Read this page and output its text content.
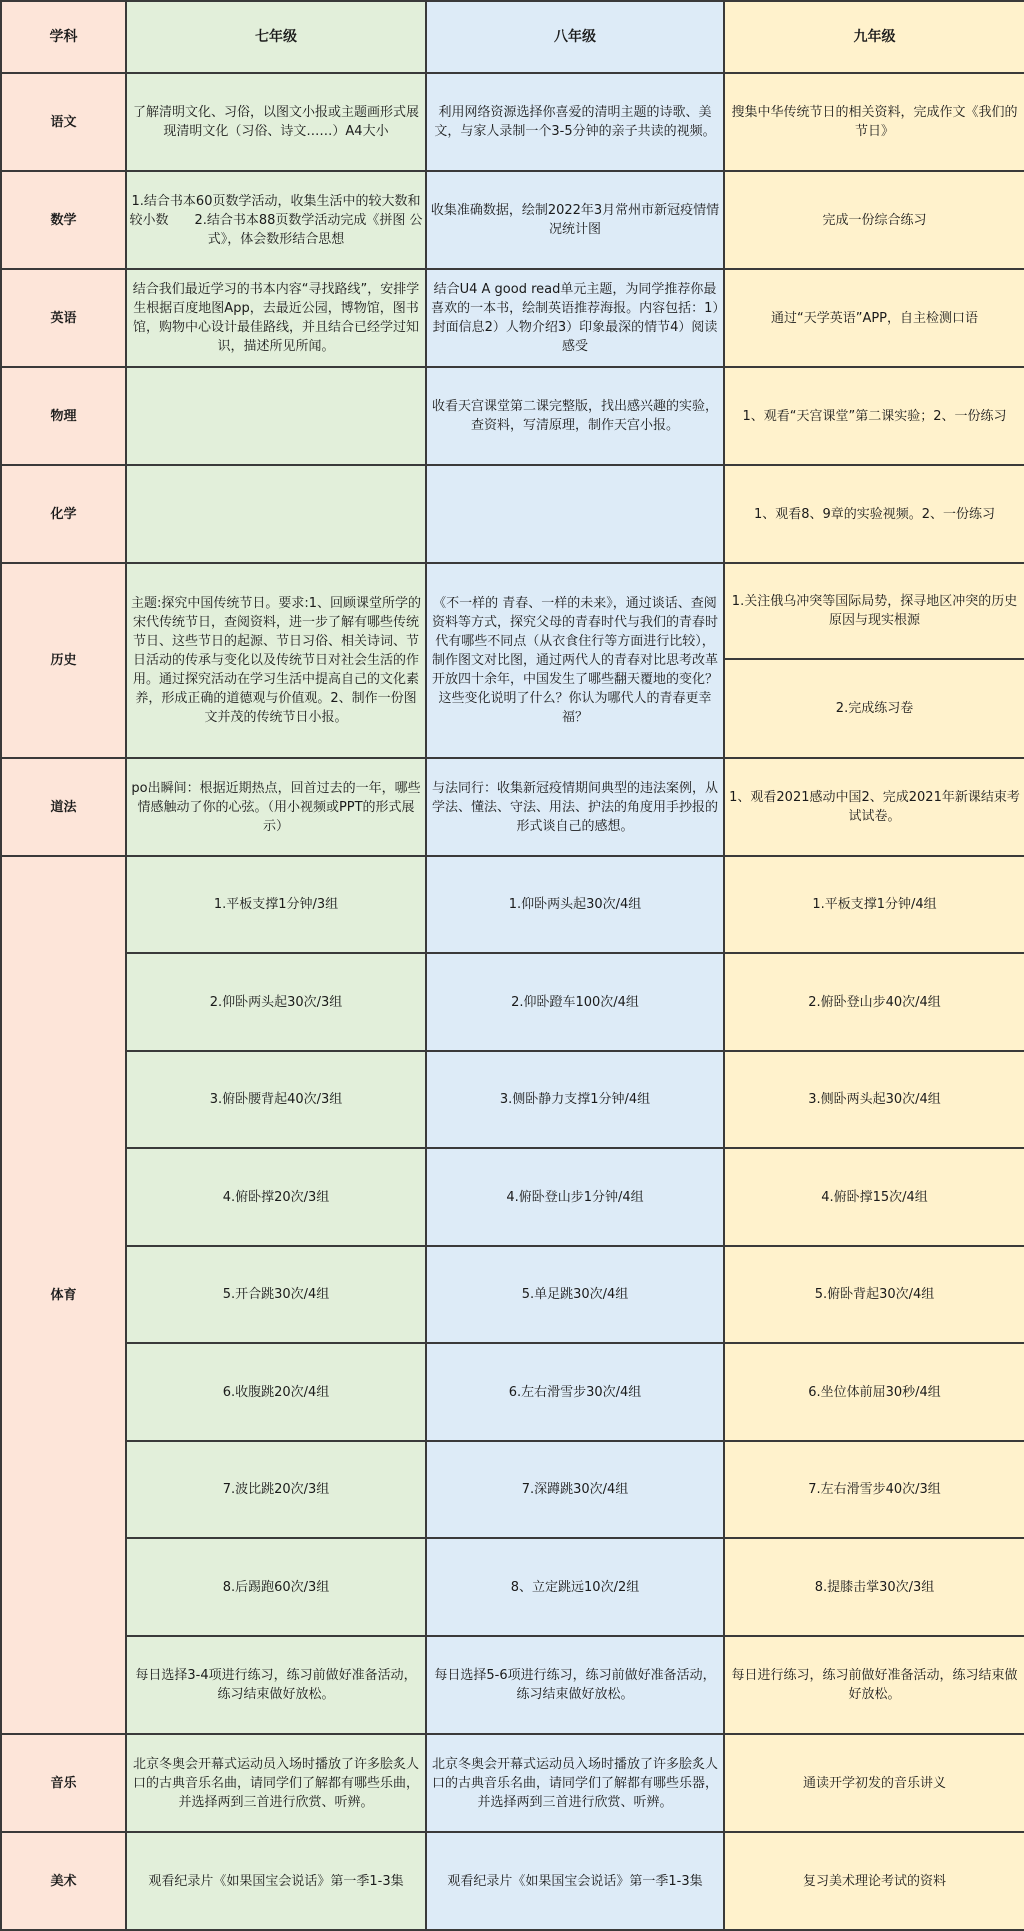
学科	七年级	八年级	九年级
语文	了解清明文化、习俗，以图文小报或主题画形式展现清明文化（习俗、诗文……）A4大小	利用网络资源选择你喜爱的清明主题的诗歌、美文，与家人录制一个3-5分钟的亲子共读的视频。	搜集中华传统节日的相关资料，完成作文《我们的节日》
数学	1.结合书本60页数学活动，收集生活中的较大数和较小数　　2.结合书本88页数学活动完成《拼图 公式》，体会数形结合思想	收集准确数据，绘制2022年3月常州市新冠疫情情况统计图	完成一份综合练习
英语	结合我们最近学习的书本内容“寻找路线”，安排学生根据百度地图App，去最近公园，博物馆，图书馆，购物中心设计最佳路线，并且结合已经学过知识，描述所见所闻。	结合U4 A good read单元主题，为同学推荐你最喜欢的一本书，绘制英语推荐海报。内容包括：1）封面信息2）人物介绍3）印象最深的情节4）阅读感受	通过“天学英语”APP，自主检测口语
物理		收看天宫课堂第二课完整版，找出感兴趣的实验，查资料，写清原理，制作天宫小报。	1、观看“天宫课堂”第二课实验；2、一份练习
化学			1、观看8、9章的实验视频。2、一份练习
历史	主题:探究中国传统节日。要求:1、回顾课堂所学的宋代传统节日，查阅资料，进一步了解有哪些传统节日、这些节日的起源、节日习俗、相关诗词、节日活动的传承与变化以及传统节日对社会生活的作用。通过探究活动在学习生活中提高自己的文化素养，形成正确的道德观与价值观。2、制作一份图文并茂的传统节日小报。	《不一样的 青春、一样的未来》，通过谈话、查阅资料等方式，探究父母的青春时代与我们的青春时代有哪些不同点（从衣食住行等方面进行比较），制作图文对比图，通过两代人的青春对比思考改革开放四十余年，中国发生了哪些翻天覆地的变化？这些变化说明了什么？你认为哪代人的青春更幸福？	1.关注俄乌冲突等国际局势，探寻地区冲突的历史原因与现实根源
			2.完成练习卷
道法	po出瞬间：根据近期热点，回首过去的一年，哪些情感触动了你的心弦。（用小视频或PPT的形式展示）	与法同行：收集新冠疫情期间典型的违法案例，从学法、懂法、守法、用法、护法的角度用手抄报的形式谈自己的感想。	1、观看2021感动中国2、完成2021年新课结束考试试卷。
体育	1.平板支撑1分钟/3组	1.仰卧两头起30次/4组	1.平板支撑1分钟/4组
	2.仰卧两头起30次/3组	2.仰卧蹬车100次/4组	2.俯卧登山步40次/4组
	3.俯卧腰背起40次/3组	3.侧卧静力支撑1分钟/4组	3.侧卧两头起30次/4组
	4.俯卧撑20次/3组	4.俯卧登山步1分钟/4组	4.俯卧撑15次/4组
	5.开合跳30次/4组	5.单足跳30次/4组	5.俯卧背起30次/4组
	6.收腹跳20次/4组	6.左右滑雪步30次/4组	6.坐位体前屈30秒/4组
	7.波比跳20次/3组	7.深蹲跳30次/4组	7.左右滑雪步40次/3组
	8.后踢跑60次/3组	8、立定跳远10次/2组	8.提膝击掌30次/3组
	每日选择3-4项进行练习，练习前做好准备活动，练习结束做好放松。	每日选择5-6项进行练习，练习前做好准备活动，练习结束做好放松。	每日进行练习，练习前做好准备活动，练习结束做好放松。
音乐	北京冬奥会开幕式运动员入场时播放了许多脍炙人口的古典音乐名曲，请同学们了解都有哪些乐曲，并选择两到三首进行欣赏、听辨。	北京冬奥会开幕式运动员入场时播放了许多脍炙人口的古典音乐名曲，请同学们了解都有哪些乐器，并选择两到三首进行欣赏、听辨。	通读开学初发的音乐讲义
美术	观看纪录片《如果国宝会说话》第一季1-3集	观看纪录片《如果国宝会说话》第一季1-3集	复习美术理论考试的资料
